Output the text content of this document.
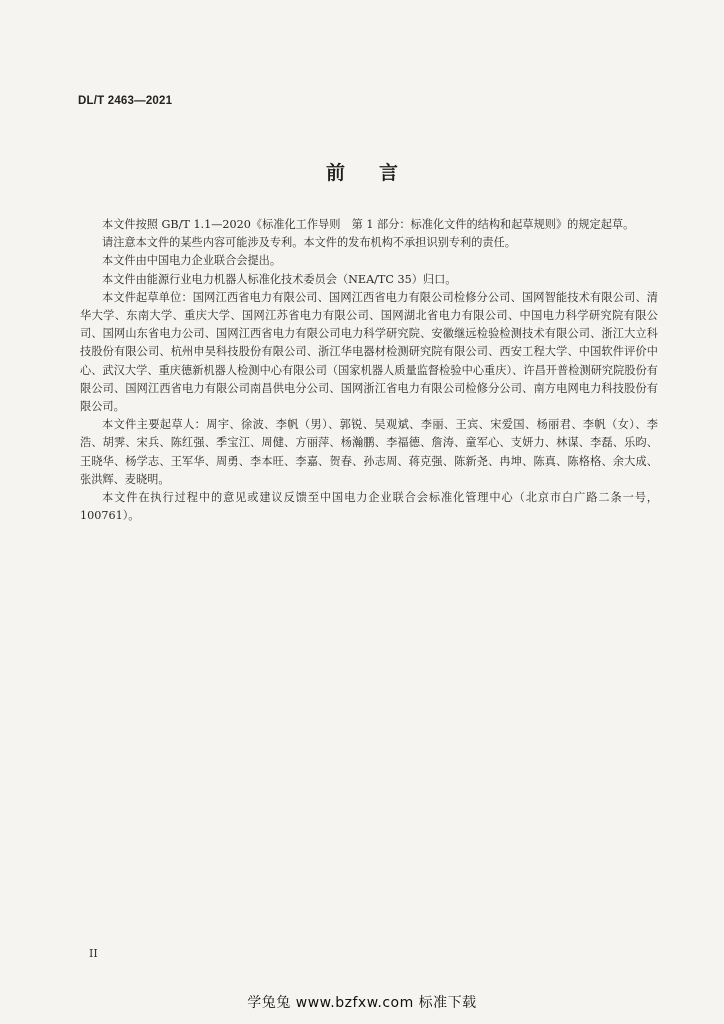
DL/T 2463—2021
前言

本文件按照 GB/T 1.1—2020《标准化工作导则　第 1 部分：标准化文件的结构和起草规则》的规定起草。

请注意本文件的某些内容可能涉及专利。本文件的发布机构不承担识别专利的责任。

本文件由中国电力企业联合会提出。

本文件由能源行业电力机器人标准化技术委员会（NEA/TC 35）归口。

本文件起草单位：国网江西省电力有限公司、国网江西省电力有限公司检修分公司、国网智能技术有限公司、清华大学、东南大学、重庆大学、国网江苏省电力有限公司、国网湖北省电力有限公司、中国电力科学研究院有限公司、国网山东省电力公司、国网江西省电力有限公司电力科学研究院、安徽继远检验检测技术有限公司、浙江大立科技股份有限公司、杭州申昊科技股份有限公司、浙江华电器材检测研究院有限公司、西安工程大学、中国软件评价中心、武汉大学、重庆德新机器人检测中心有限公司（国家机器人质量监督检验中心重庆）、许昌开普检测研究院股份有限公司、国网江西省电力有限公司南昌供电分公司、国网浙江省电力有限公司检修分公司、南方电网电力科技股份有限公司。

本文件主要起草人：周宇、徐波、李帆（男）、郭锐、吴观斌、李丽、王宾、宋爱国、杨丽君、李帆（女）、李浩、胡霁、宋兵、陈红强、季宝江、周健、方丽萍、杨瀚鹏、李福德、詹涛、童军心、支妍力、林谋、李磊、乐昀、王晓华、杨学志、王军华、周勇、李本旺、李嘉、贺春、孙志周、蒋克强、陈新尧、冉坤、陈真、陈格格、余大成、张洪辉、麦晓明。

本文件在执行过程中的意见或建议反馈至中国电力企业联合会标准化管理中心（北京市白广路二条一号，100761）。

II
学兔兔 www.bzfxw.com 标准下载
